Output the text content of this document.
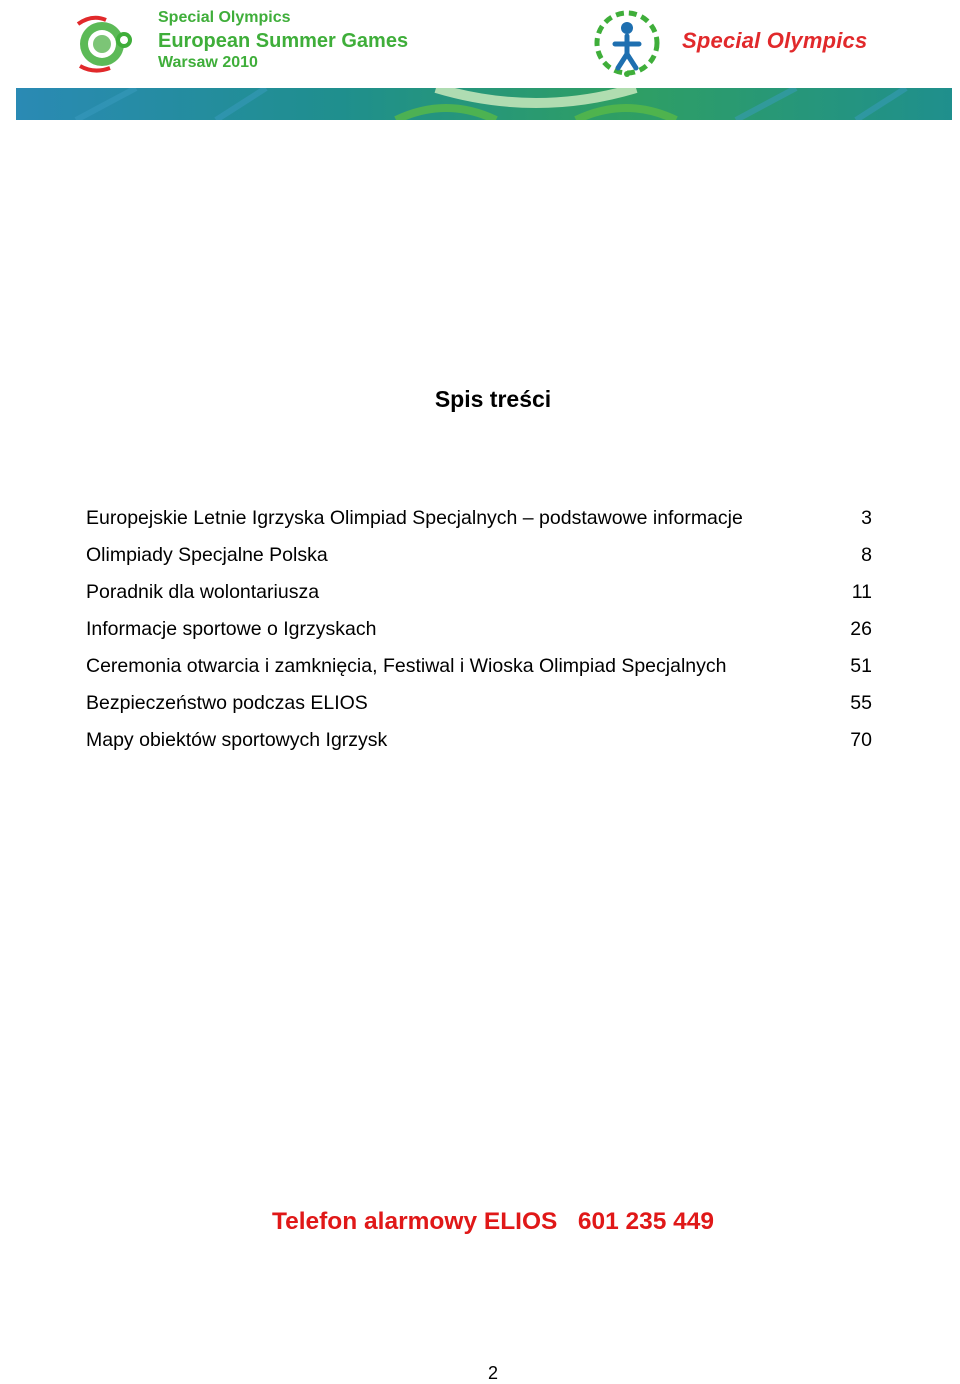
Special Olympics
European Summer Games
Warsaw 2010
Special Olympics
Spis treści
Europejskie Letnie Igrzyska Olimpiad Specjalnych – podstawowe informacje	3
Olimpiady Specjalne Polska	8
Poradnik dla wolontariusza	11
Informacje sportowe o Igrzyskach	26
Ceremonia otwarcia i zamknięcia, Festiwal i Wioska Olimpiad Specjalnych	51
Bezpieczeństwo podczas ELIOS	55
Mapy obiektów sportowych Igrzysk	70
Telefon alarmowy ELIOS 601 235 449
2
